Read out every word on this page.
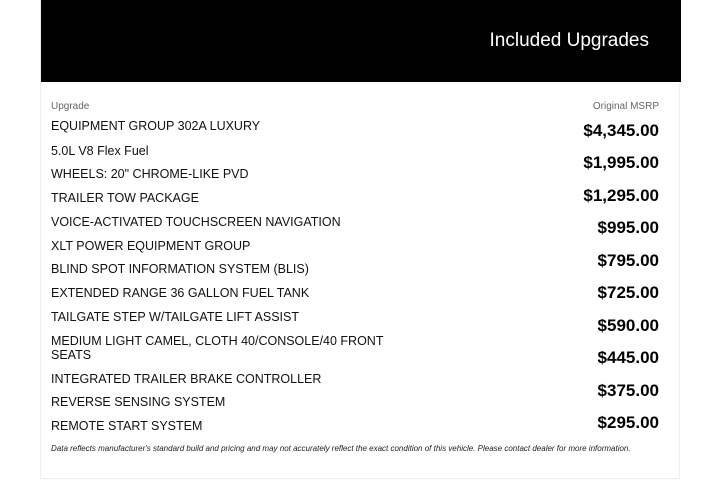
Included Upgrades
Upgrade	Original MSRP
EQUIPMENT GROUP 302A LUXURY
5.0L V8 Flex Fuel
WHEELS: 20" CHROME-LIKE PVD
TRAILER TOW PACKAGE
VOICE-ACTIVATED TOUCHSCREEN NAVIGATION
XLT POWER EQUIPMENT GROUP
BLIND SPOT INFORMATION SYSTEM (BLIS)
EXTENDED RANGE 36 GALLON FUEL TANK
TAILGATE STEP W/TAILGATE LIFT ASSIST
MEDIUM LIGHT CAMEL, CLOTH 40/CONSOLE/40 FRONT SEATS
INTEGRATED TRAILER BRAKE CONTROLLER
REVERSE SENSING SYSTEM
REMOTE START SYSTEM
$4,345.00
$1,995.00
$1,295.00
$995.00
$795.00
$725.00
$590.00
$445.00
$375.00
$295.00
Data reflects manufacturer's standard build and pricing and may not accurately reflect the exact condition of this vehicle. Please contact dealer for more information.
